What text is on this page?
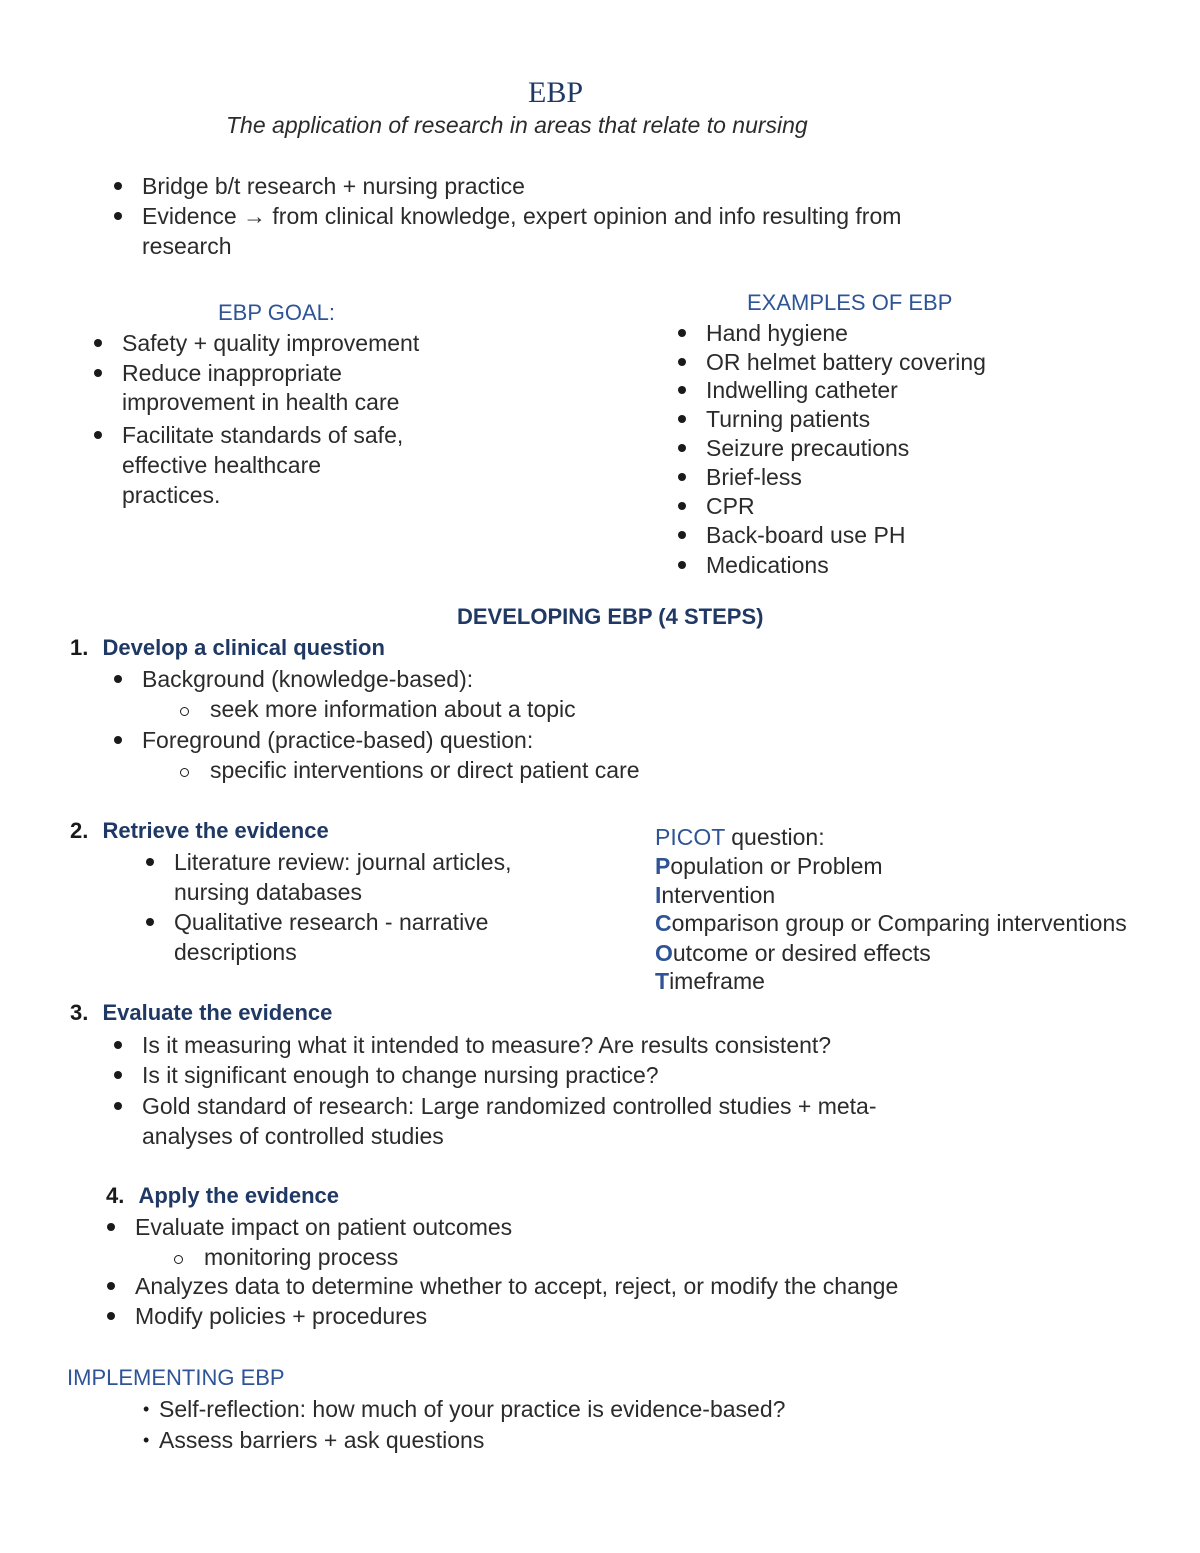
EBP
The application of research in areas that relate to nursing
Bridge b/t research + nursing practice
Evidence → from clinical knowledge, expert opinion and info resulting from
research
EBP GOAL:
Safety + quality improvement
Reduce inappropriate
improvement in health care
Facilitate standards of safe,
effective healthcare
practices.
EXAMPLES OF EBP
Hand hygiene
OR helmet battery covering
Indwelling catheter
Turning patients
Seizure precautions
Brief-less
CPR
Back-board use PH
Medications
DEVELOPING EBP (4 STEPS)
1. Develop a clinical question
Background (knowledge-based):
seek more information about a topic
Foreground (practice-based) question:
specific interventions or direct patient care
2. Retrieve the evidence
Literature review: journal articles,
nursing databases
Qualitative research - narrative
descriptions
PICOT question:
Population or Problem
Intervention
Comparison group or Comparing interventions
Outcome or desired effects
Timeframe
3. Evaluate the evidence
Is it measuring what it intended to measure? Are results consistent?
Is it significant enough to change nursing practice?
Gold standard of research: Large randomized controlled studies + meta-
analyses of controlled studies
4. Apply the evidence
Evaluate impact on patient outcomes
monitoring process
Analyzes data to determine whether to accept, reject, or modify the change
Modify policies + procedures
IMPLEMENTING EBP
• Self-reflection: how much of your practice is evidence-based?
• Assess barriers + ask questions
